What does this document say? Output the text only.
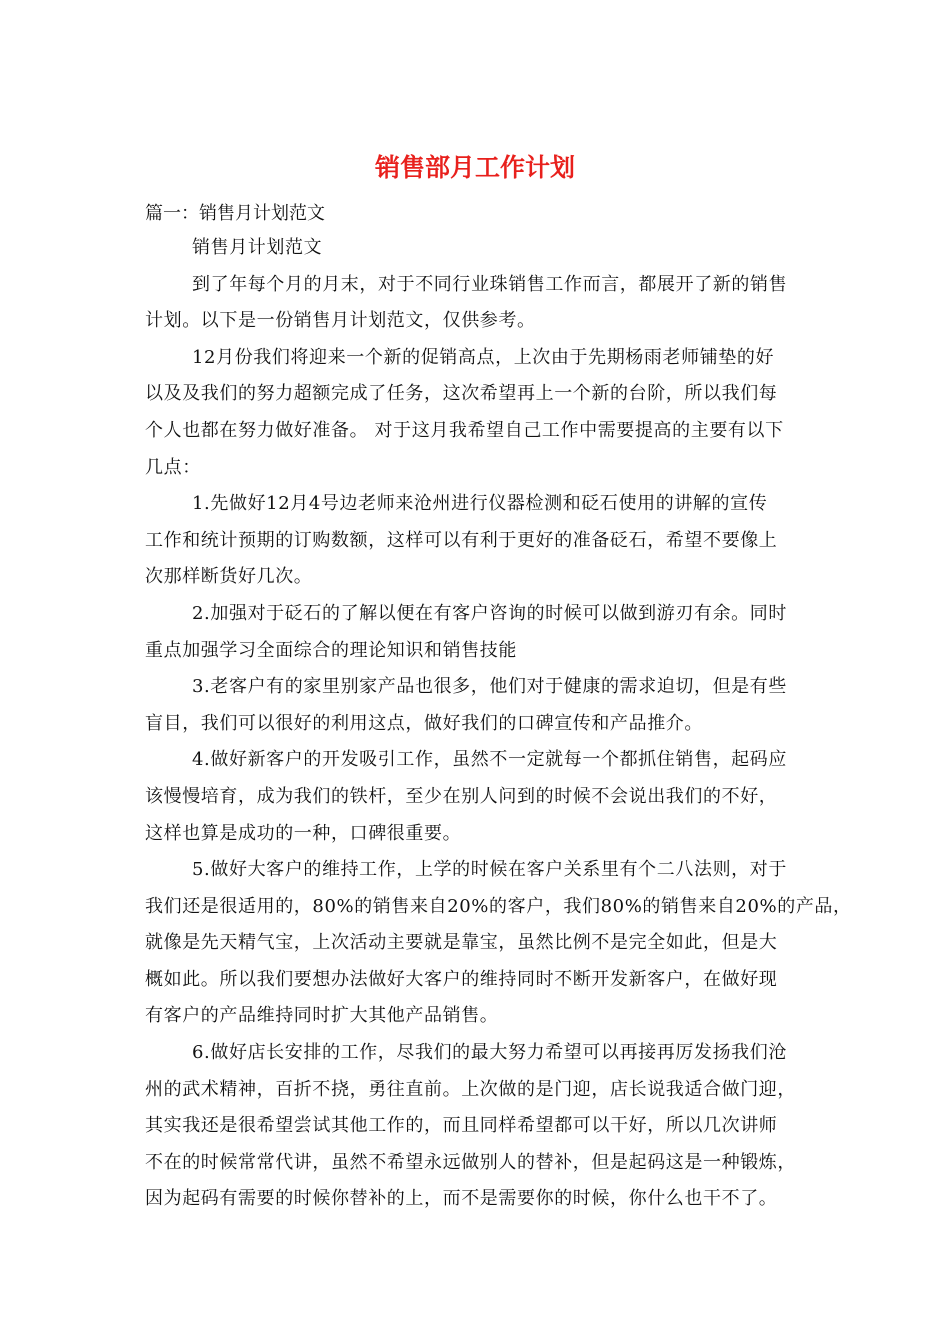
销售部月工作计划
篇一：销售月计划范文
销售月计划范文
到了年每个月的月末，对于不同行业珠销售工作而言，都展开了新的销售
计划。以下是一份销售月计划范文，仅供参考。
12月份我们将迎来一个新的促销高点，上次由于先期杨雨老师铺垫的好
以及及我们的努力超额完成了任务，这次希望再上一个新的台阶，所以我们每
个人也都在努力做好准备。 对于这月我希望自己工作中需要提高的主要有以下
几点：
1.先做好12月4号边老师来沧州进行仪器检测和砭石使用的讲解的宣传
工作和统计预期的订购数额，这样可以有利于更好的准备砭石，希望不要像上
次那样断货好几次。
2.加强对于砭石的了解以便在有客户咨询的时候可以做到游刃有余。同时
重点加强学习全面综合的理论知识和销售技能
3.老客户有的家里别家产品也很多，他们对于健康的需求迫切，但是有些
盲目，我们可以很好的利用这点，做好我们的口碑宣传和产品推介。
4.做好新客户的开发吸引工作，虽然不一定就每一个都抓住销售，起码应
该慢慢培育，成为我们的铁杆，至少在别人问到的时候不会说出我们的不好，
这样也算是成功的一种，口碑很重要。
5.做好大客户的维持工作，上学的时候在客户关系里有个二八法则，对于
我们还是很适用的，80%的销售来自20%的客户，我们80%的销售来自20%的产品，
就像是先天精气宝，上次活动主要就是靠宝，虽然比例不是完全如此，但是大
概如此。所以我们要想办法做好大客户的维持同时不断开发新客户，在做好现
有客户的产品维持同时扩大其他产品销售。
6.做好店长安排的工作，尽我们的最大努力希望可以再接再厉发扬我们沧
州的武术精神，百折不挠，勇往直前。上次做的是门迎，店长说我适合做门迎，
其实我还是很希望尝试其他工作的，而且同样希望都可以干好，所以几次讲师
不在的时候常常代讲，虽然不希望永远做别人的替补，但是起码这是一种锻炼，
因为起码有需要的时候你替补的上，而不是需要你的时候，你什么也干不了。
